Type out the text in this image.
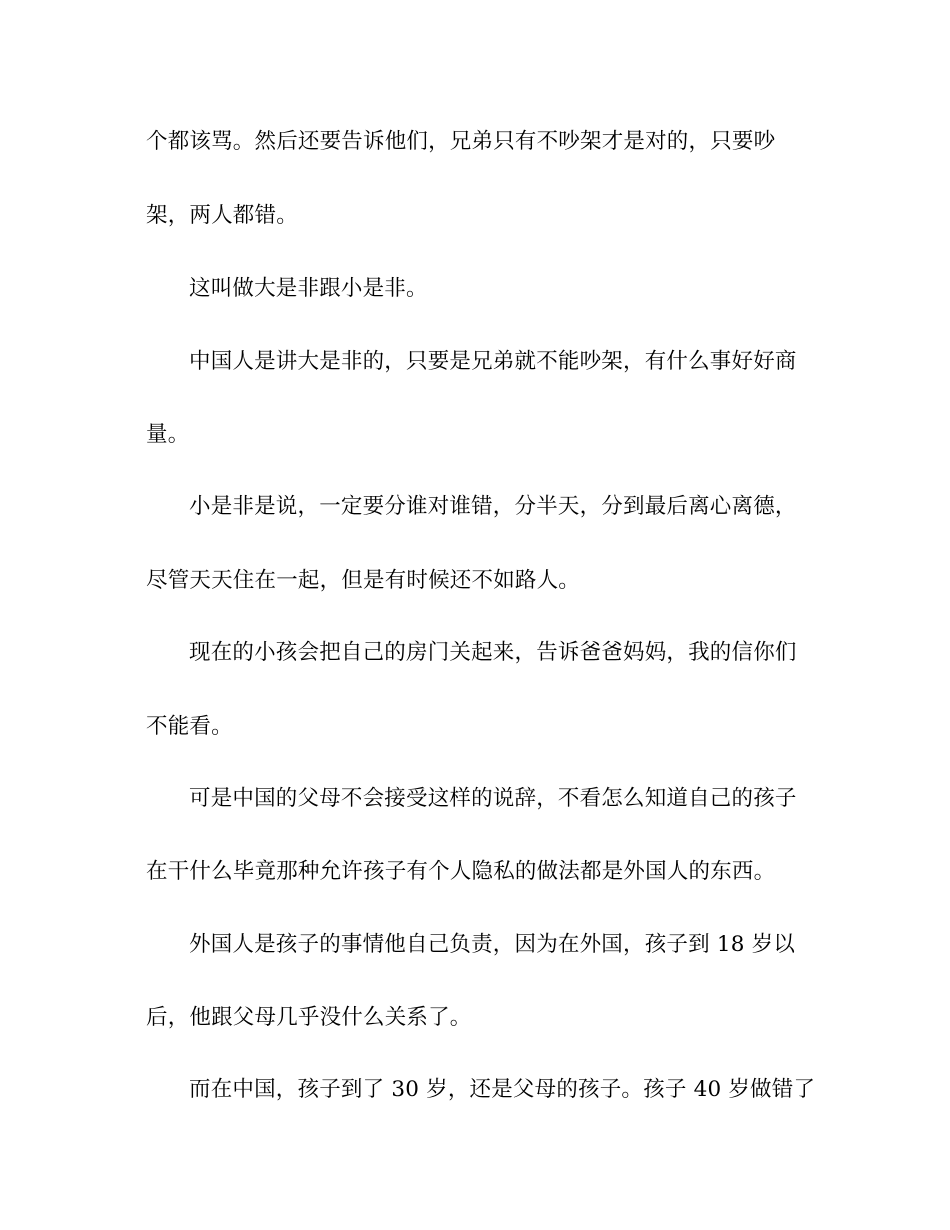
个都该骂。然后还要告诉他们，兄弟只有不吵架才是对的，只要吵
架，两人都错。
这叫做大是非跟小是非。
中国人是讲大是非的，只要是兄弟就不能吵架，有什么事好好商
量。
小是非是说，一定要分谁对谁错，分半天，分到最后离心离德，
尽管天天住在一起，但是有时候还不如路人。
现在的小孩会把自己的房门关起来，告诉爸爸妈妈，我的信你们
不能看。
可是中国的父母不会接受这样的说辞，不看怎么知道自己的孩子
在干什么毕竟那种允许孩子有个人隐私的做法都是外国人的东西。
外国人是孩子的事情他自己负责，因为在外国，孩子到 18 岁以
后，他跟父母几乎没什么关系了。
而在中国，孩子到了 30 岁，还是父母的孩子。孩子 40 岁做错了
